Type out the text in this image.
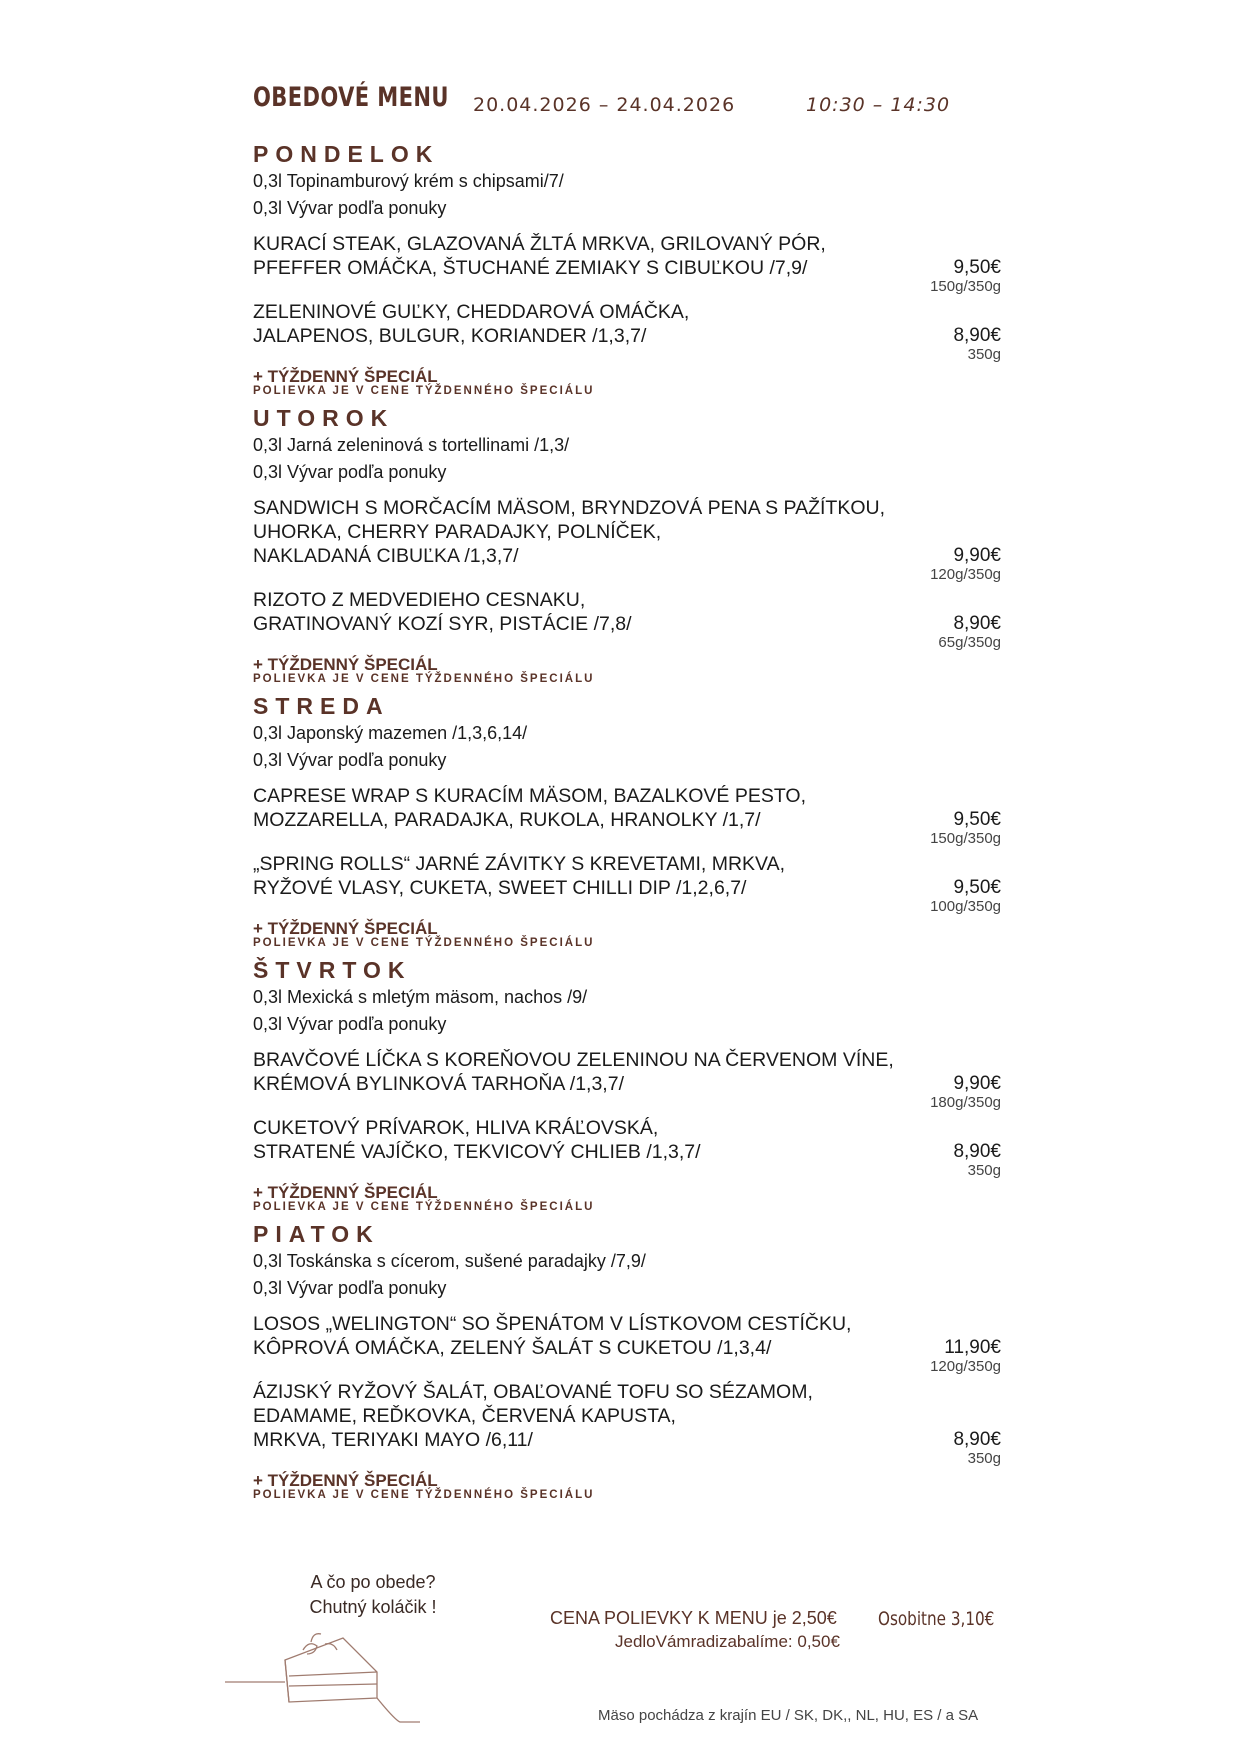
OBEDOVÉ MENU 20.04.2026 – 24.04.2026	10:30 – 14:30
PONDELOK
0,3l Topinamburový krém s chipsami/7/
0,3l Vývar podľa ponuky
KURACÍ STEAK, GLAZOVANÁ ŽLTÁ MRKVA, GRILOVANÝ PÓR,
PFEFFER OMÁČKA, ŠTUCHANÉ ZEMIAKY S CIBUĽKOU /7,9/	9,50€
150g/350g
ZELENINOVÉ GUĽKY, CHEDDAROVÁ OMÁČKA,
JALAPENOS, BULGUR, KORIANDER /1,3,7/	8,90€
350g
+ TÝŽDENNÝ ŠPECIÁL
POLIEVKA JE V CENE TÝŽDENNÉHO ŠPECIÁLU
UTOROK
0,3l Jarná zeleninová s tortellinami /1,3/
0,3l Vývar podľa ponuky
SANDWICH S MORČACÍM MÄSOM, BRYNDZOVÁ PENA S PAŽÍTKOU,
UHORKA, CHERRY PARADAJKY, POLNÍČEK,
NAKLADANÁ CIBUĽKA /1,3,7/	9,90€
120g/350g
RIZOTO Z MEDVEDIEHO CESNAKU,
GRATINOVANÝ KOZÍ SYR, PISTÁCIE /7,8/	8,90€
65g/350g
+ TÝŽDENNÝ ŠPECIÁL
POLIEVKA JE V CENE TÝŽDENNÉHO ŠPECIÁLU
STREDA
0,3l Japonský mazemen /1,3,6,14/
0,3l Vývar podľa ponuky
CAPRESE WRAP S KURACÍM MÄSOM, BAZALKOVÉ PESTO,
MOZZARELLA, PARADAJKA, RUKOLA, HRANOLKY /1,7/	9,50€
150g/350g
„SPRING ROLLS“ JARNÉ ZÁVITKY S KREVETAMI, MRKVA,
RYŽOVÉ VLASY, CUKETA, SWEET CHILLI DIP /1,2,6,7/	9,50€
100g/350g
+ TÝŽDENNÝ ŠPECIÁL
POLIEVKA JE V CENE TÝŽDENNÉHO ŠPECIÁLU
ŠTVRTOK
0,3l Mexická s mletým mäsom, nachos /9/
0,3l Vývar podľa ponuky
BRAVČOVÉ LÍČKA S KOREŇOVOU ZELENINOU NA ČERVENOM VÍNE,
KRÉMOVÁ BYLINKOVÁ TARHOŇA /1,3,7/	9,90€
180g/350g
CUKETOVÝ PRÍVAROK, HLIVA KRÁĽOVSKÁ,
STRATENÉ VAJÍČKO, TEKVICOVÝ CHLIEB /1,3,7/	8,90€
350g
+ TÝŽDENNÝ ŠPECIÁL
POLIEVKA JE V CENE TÝŽDENNÉHO ŠPECIÁLU
PIATOK
0,3l Toskánska s cícerom, sušené paradajky /7,9/
0,3l Vývar podľa ponuky
LOSOS „WELINGTON“ SO ŠPENÁTOM V LÍSTKOVOM CESTÍČKU,
KÔPROVÁ OMÁČKA, ZELENÝ ŠALÁT S CUKETOU /1,3,4/	11,90€
120g/350g
ÁZIJSKÝ RYŽOVÝ ŠALÁT, OBAĽOVANÉ TOFU SO SÉZAMOM,
EDAMAME, REĎKOVKA, ČERVENÁ KAPUSTA,
MRKVA, TERIYAKI MAYO /6,11/	8,90€
350g
+ TÝŽDENNÝ ŠPECIÁL
POLIEVKA JE V CENE TÝŽDENNÉHO ŠPECIÁLU
A čo po obede?
Chutný koláčik !
CENA POLIEVKY K MENU je 2,50€ Osobitne 3,10€
JedloVámradizabalíme: 0,50€
Mäso pochádza z krajín EU / SK, DK,, NL, HU, ES / a SA
